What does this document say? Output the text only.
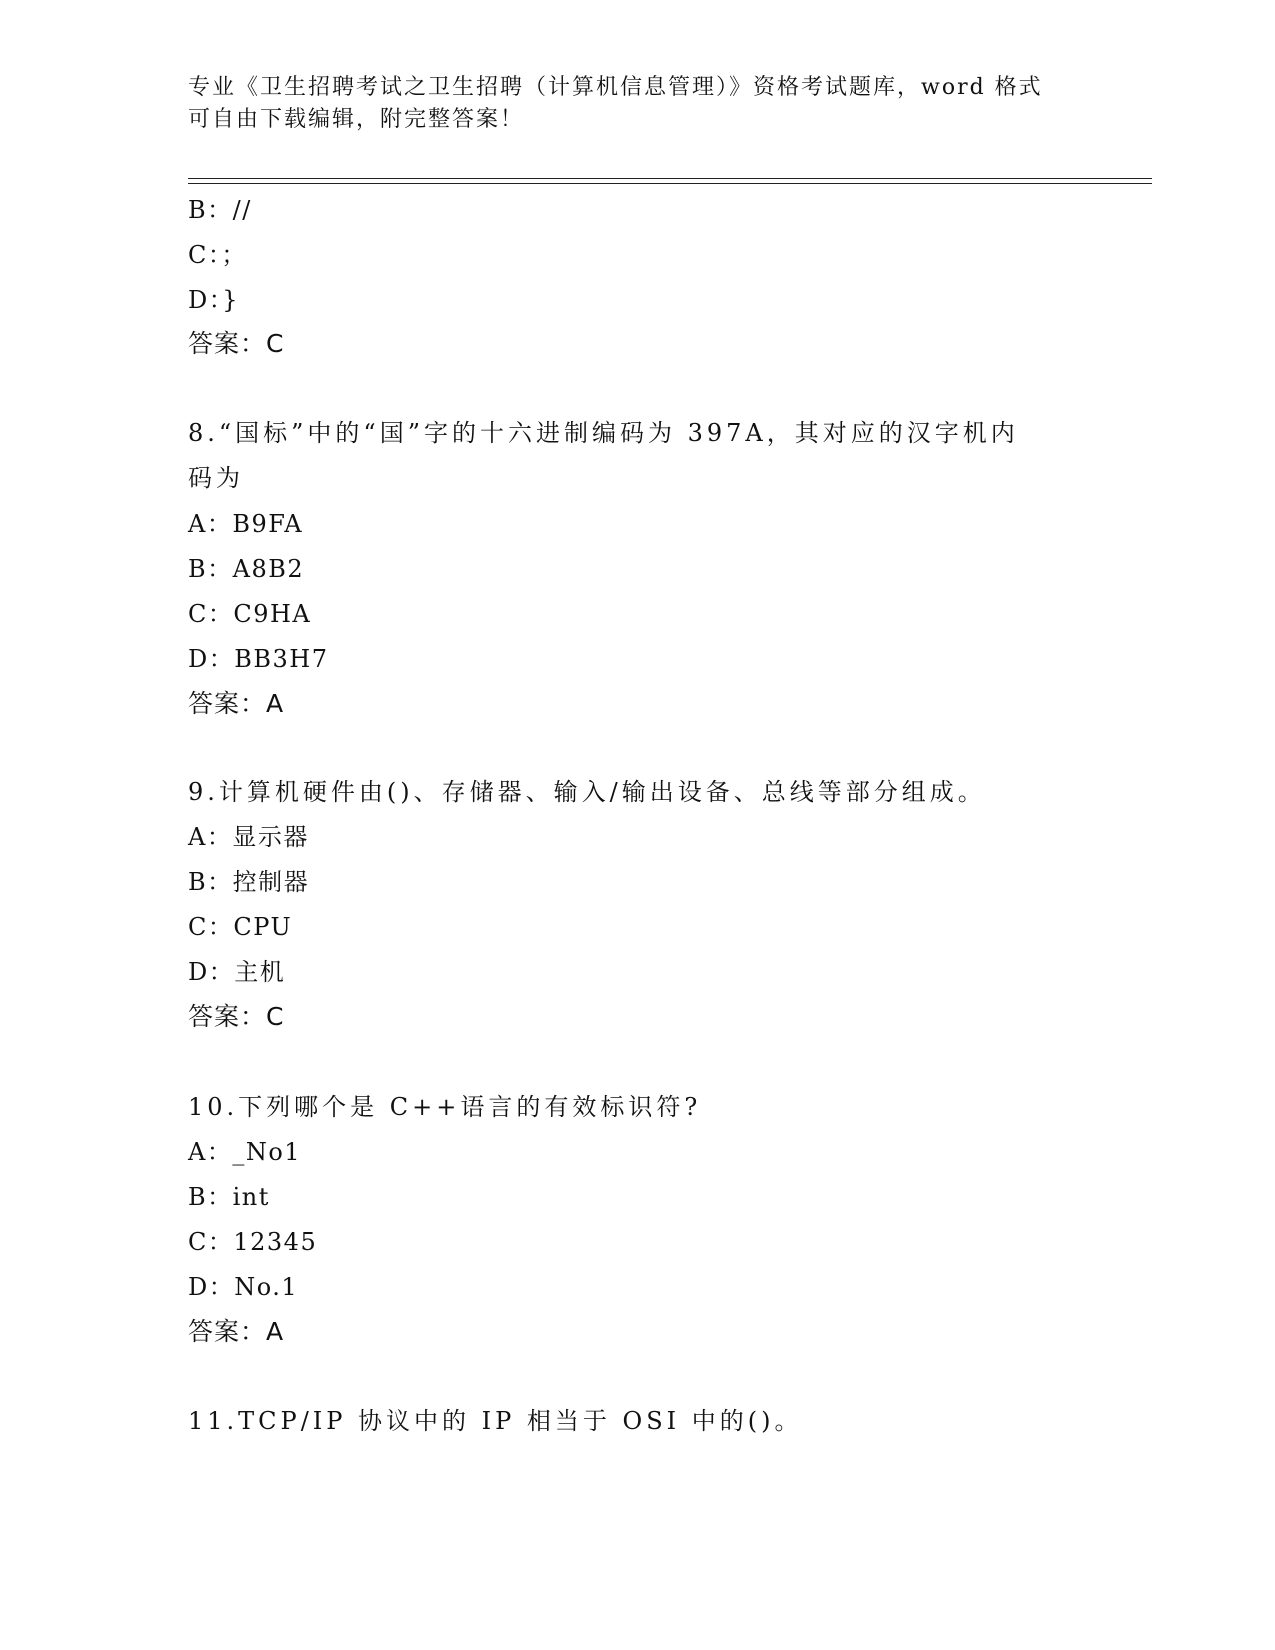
专业《卫生招聘考试之卫生招聘（计算机信息管理）》资格考试题库，word 格式
可自由下载编辑，附完整答案！
B：//
C：；
D：}
答案：C
8.“国标”中的“国”字的十六进制编码为 397A，其对应的汉字机内
码为
A：B9FA
B：A8B2
C：C9HA
D：BB3H7
答案：A
9.计算机硬件由()、存储器、输入/输出设备、总线等部分组成。
A：显示器
B：控制器
C：CPU
D：主机
答案：C
10.下列哪个是 C++语言的有效标识符?
A：_No1
B：int
C：12345
D：No.1
答案：A
11.TCP/IP 协议中的 IP 相当于 OSI 中的()。
